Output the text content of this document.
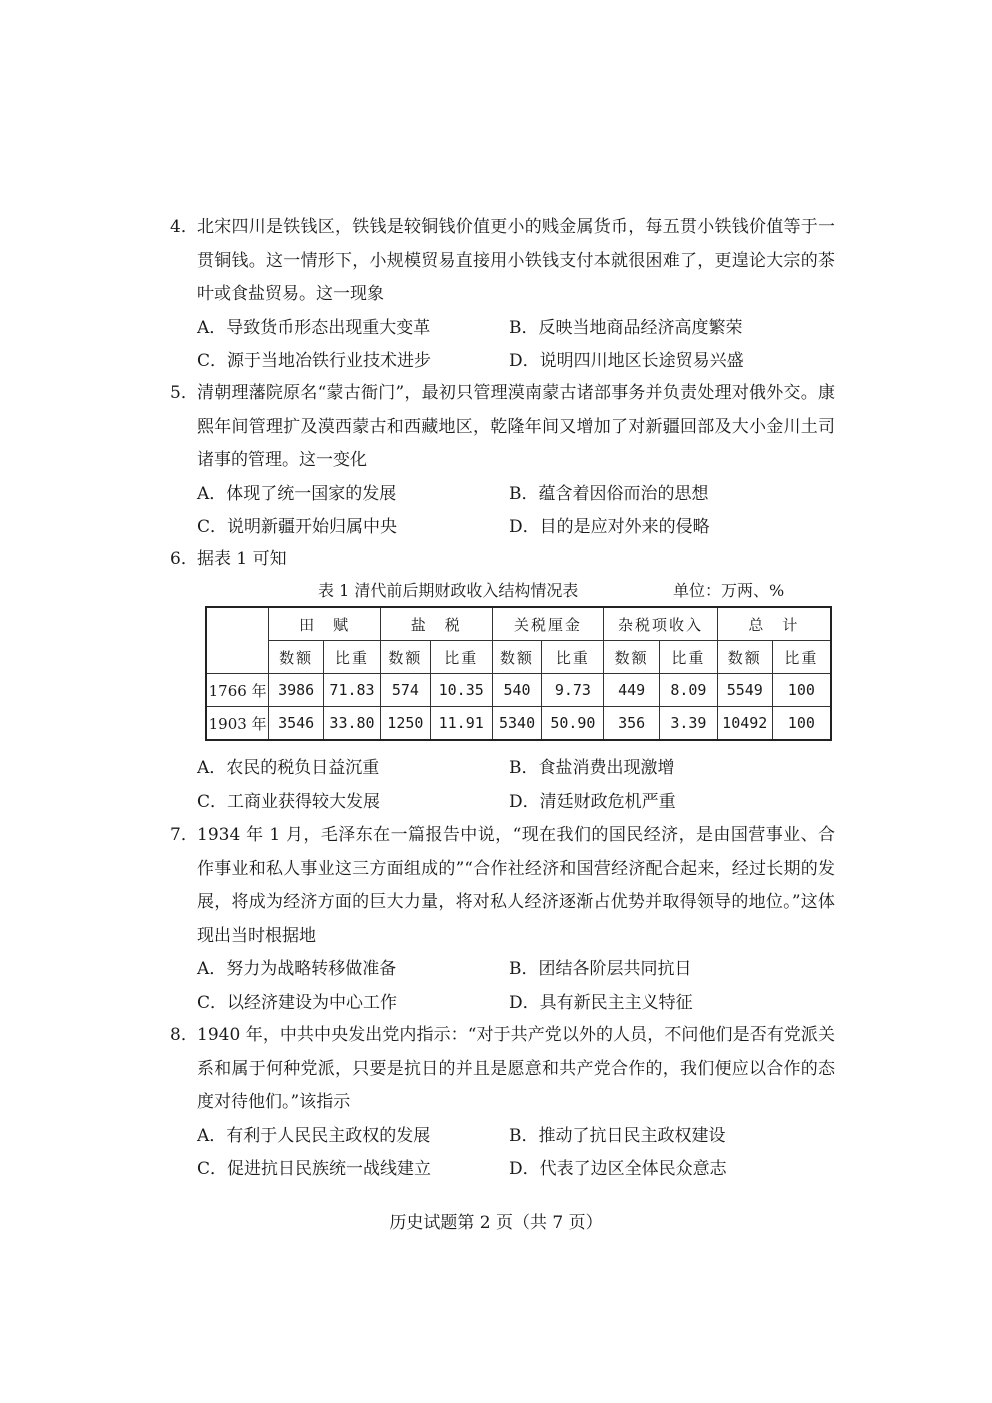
4． 北宋四川是铁钱区，铁钱是较铜钱价值更小的贱金属货币，每五贯小铁钱价值等于一贯铜钱。这一情形下，小规模贸易直接用小铁钱支付本就很困难了，更遑论大宗的茶叶或食盐贸易。这一现象
A．导致货币形态出现重大变革	B．反映当地商品经济高度繁荣
C．源于当地冶铁行业技术进步	D．说明四川地区长途贸易兴盛
5． 清朝理藩院原名“蒙古衙门”，最初只管理漠南蒙古诸部事务并负责处理对俄外交。康熙年间管理扩及漠西蒙古和西藏地区，乾隆年间又增加了对新疆回部及大小金川土司诸事的管理。这一变化
A．体现了统一国家的发展	B．蕴含着因俗而治的思想
C．说明新疆开始归属中央	D．目的是应对外来的侵略
6． 据表 1 可知
表 1 清代前后期财政收入结构情况表	单位：万两、%
	田　赋		盐　税		关税厘金		杂税项收入		总　计	
	数额	比重	数额	比重	数额	比重	数额	比重	数额	比重
1766 年	3986	71.83	574	10.35	540	9.73	449	8.09	5549	100
1903 年	3546	33.80	1250	11.91	5340	50.90	356	3.39	10492	100
A．农民的税负日益沉重	B．食盐消费出现激增
C．工商业获得较大发展	D．清廷财政危机严重
7． 1934 年 1 月，毛泽东在一篇报告中说，“现在我们的国民经济，是由国营事业、合作事业和私人事业这三方面组成的”“合作社经济和国营经济配合起来，经过长期的发展，将成为经济方面的巨大力量，将对私人经济逐渐占优势并取得领导的地位。”这体现出当时根据地
A．努力为战略转移做准备	B．团结各阶层共同抗日
C．以经济建设为中心工作	D．具有新民主主义特征
8． 1940 年，中共中央发出党内指示：“对于共产党以外的人员，不问他们是否有党派关系和属于何种党派，只要是抗日的并且是愿意和共产党合作的，我们便应以合作的态度对待他们。”该指示
A．有利于人民民主政权的发展	B．推动了抗日民主政权建设
C．促进抗日民族统一战线建立	D．代表了边区全体民众意志
历史试题第 2 页（共 7 页）
